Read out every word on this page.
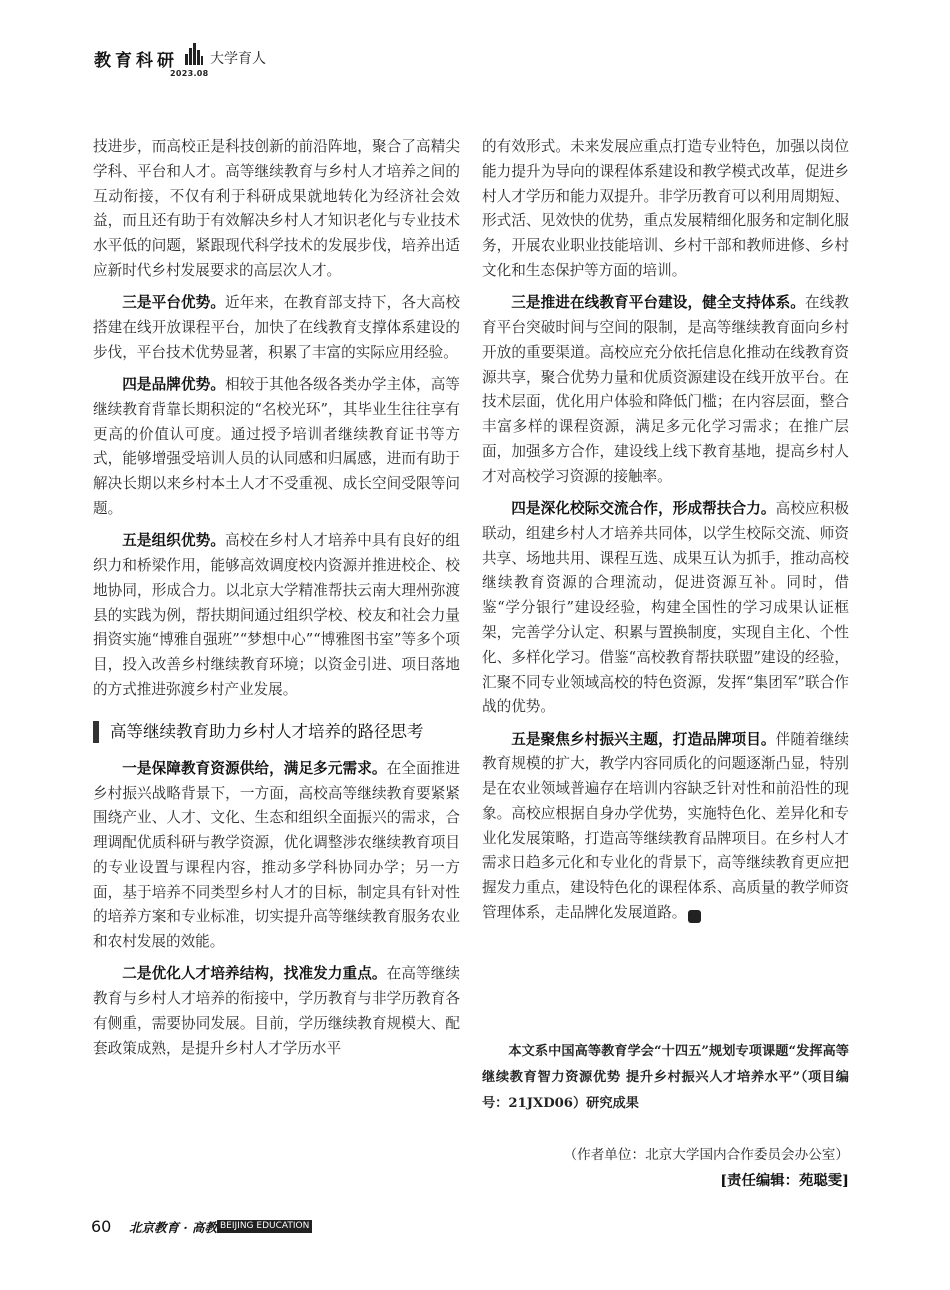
教育科研 大学育人
2023.08

技进步，而高校正是科技创新的前沿阵地，聚合了高精尖学科、平台和人才。高等继续教育与乡村人才培养之间的互动衔接，不仅有利于科研成果就地转化为经济社会效益，而且还有助于有效解决乡村人才知识老化与专业技术水平低的问题，紧跟现代科学技术的发展步伐，培养出适应新时代乡村发展要求的高层次人才。

三是平台优势。近年来，在教育部支持下，各大高校搭建在线开放课程平台，加快了在线教育支撑体系建设的步伐，平台技术优势显著，积累了丰富的实际应用经验。

四是品牌优势。相较于其他各级各类办学主体，高等继续教育背靠长期积淀的“名校光环”，其毕业生往往享有更高的价值认可度。通过授予培训者继续教育证书等方式，能够增强受培训人员的认同感和归属感，进而有助于解决长期以来乡村本土人才不受重视、成长空间受限等问题。

五是组织优势。高校在乡村人才培养中具有良好的组织力和桥梁作用，能够高效调度校内资源并推进校企、校地协同，形成合力。以北京大学精准帮扶云南大理州弥渡县的实践为例，帮扶期间通过组织学校、校友和社会力量捐资实施“博雅自强班”“梦想中心”“博雅图书室”等多个项目，投入改善乡村继续教育环境；以资金引进、项目落地的方式推进弥渡乡村产业发展。

高等继续教育助力乡村人才培养的路径思考

一是保障教育资源供给，满足多元需求。在全面推进乡村振兴战略背景下，一方面，高校高等继续教育要紧紧围绕产业、人才、文化、生态和组织全面振兴的需求，合理调配优质科研与教学资源，优化调整涉农继续教育项目的专业设置与课程内容，推动多学科协同办学；另一方面，基于培养不同类型乡村人才的目标，制定具有针对性的培养方案和专业标准，切实提升高等继续教育服务农业和农村发展的效能。

二是优化人才培养结构，找准发力重点。在高等继续教育与乡村人才培养的衔接中，学历教育与非学历教育各有侧重，需要协同发展。目前，学历继续教育规模大、配套政策成熟，是提升乡村人才学历水平

的有效形式。未来发展应重点打造专业特色，加强以岗位能力提升为导向的课程体系建设和教学模式改革，促进乡村人才学历和能力双提升。非学历教育可以利用周期短、形式活、见效快的优势，重点发展精细化服务和定制化服务，开展农业职业技能培训、乡村干部和教师进修、乡村文化和生态保护等方面的培训。

三是推进在线教育平台建设，健全支持体系。在线教育平台突破时间与空间的限制，是高等继续教育面向乡村开放的重要渠道。高校应充分依托信息化推动在线教育资源共享，聚合优势力量和优质资源建设在线开放平台。在技术层面，优化用户体验和降低门槛；在内容层面，整合丰富多样的课程资源，满足多元化学习需求；在推广层面，加强多方合作，建设线上线下教育基地，提高乡村人才对高校学习资源的接触率。

四是深化校际交流合作，形成帮扶合力。高校应积极联动，组建乡村人才培养共同体，以学生校际交流、师资共享、场地共用、课程互选、成果互认为抓手，推动高校继续教育资源的合理流动，促进资源互补。同时，借鉴“学分银行”建设经验，构建全国性的学习成果认证框架，完善学分认定、积累与置换制度，实现自主化、个性化、多样化学习。借鉴“高校教育帮扶联盟”建设的经验，汇聚不同专业领域高校的特色资源，发挥“集团军”联合作战的优势。

五是聚焦乡村振兴主题，打造品牌项目。伴随着继续教育规模的扩大，教学内容同质化的问题逐渐凸显，特别是在农业领域普遍存在培训内容缺乏针对性和前沿性的现象。高校应根据自身办学优势，实施特色化、差异化和专业化发展策略，打造高等继续教育品牌项目。在乡村人才需求日趋多元化和专业化的背景下，高等继续教育更应把握发力重点，建设特色化的课程体系、高质量的教学师资管理体系，走品牌化发展道路。	囧

本文系中国高等教育学会“十四五”规划专项课题“发挥高等继续教育智力资源优势 提升乡村振兴人才培养水平”（项目编号：21JXD06）研究成果

（作者单位：北京大学国内合作委员会办公室）
[责任编辑：苑聪雯]
60 北京教育 · 高教 BEIJING EDUCATION
